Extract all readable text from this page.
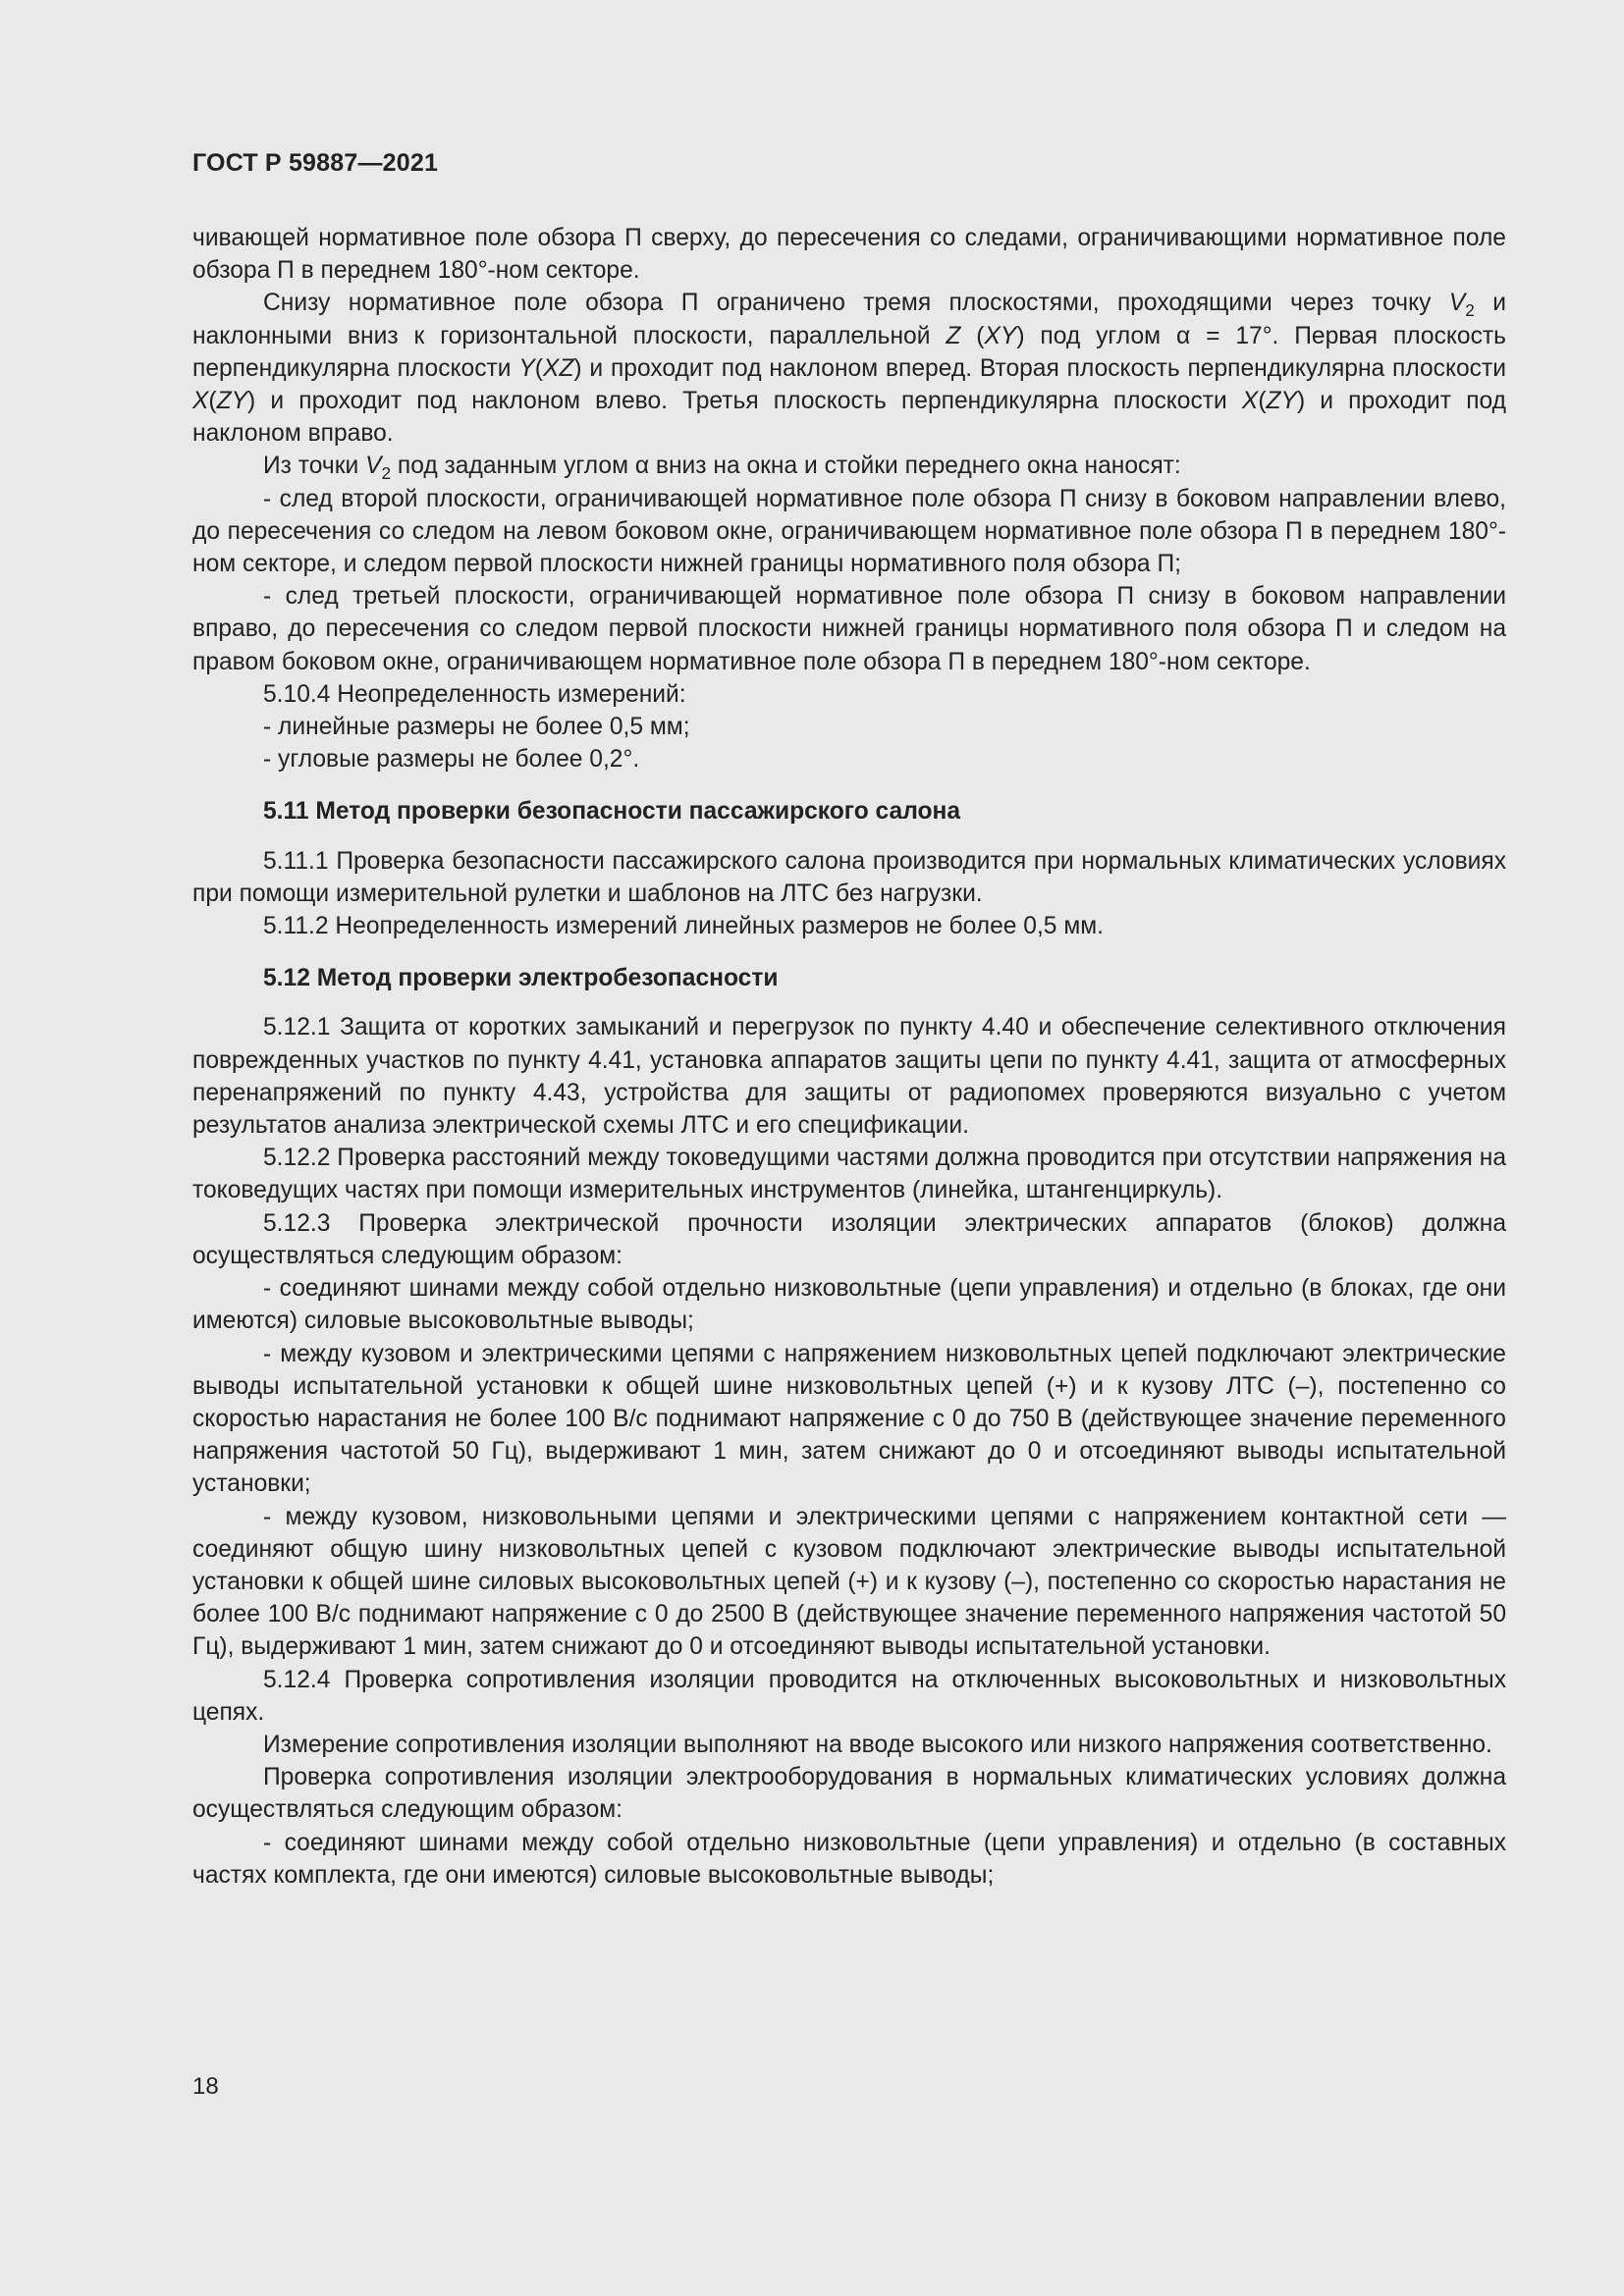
ГОСТ Р 59887—2021

чивающей нормативное поле обзора П сверху, до пересечения со следами, ограничивающими нормативное поле обзора П в переднем 180°-ном секторе.

Снизу нормативное поле обзора П ограничено тремя плоскостями, проходящими через точку $V_2$ и наклонными вниз к горизонтальной плоскости, параллельной Z (XY) под углом α = 17°. Первая плоскость перпендикулярна плоскости Y(XZ) и проходит под наклоном вперед. Вторая плоскость перпендикулярна плоскости X(ZY) и проходит под наклоном влево. Третья плоскость перпендикулярна плоскости X(ZY) и проходит под наклоном вправо.

Из точки $V_2$ под заданным углом α вниз на окна и стойки переднего окна наносят:

- след второй плоскости, ограничивающей нормативное поле обзора П снизу в боковом направлении влево, до пересечения со следом на левом боковом окне, ограничивающем нормативное поле обзора П в переднем 180°-ном секторе, и следом первой плоскости нижней границы нормативного поля обзора П;

- след третьей плоскости, ограничивающей нормативное поле обзора П снизу в боковом направлении вправо, до пересечения со следом первой плоскости нижней границы нормативного поля обзора П и следом на правом боковом окне, ограничивающем нормативное поле обзора П в переднем 180°-ном секторе.

5.10.4 Неопределенность измерений:

- линейные размеры не более 0,5 мм;

- угловые размеры не более 0,2°.

5.11 Метод проверки безопасности пассажирского салона

5.11.1 Проверка безопасности пассажирского салона производится при нормальных климатических условиях при помощи измерительной рулетки и шаблонов на ЛТС без нагрузки.

5.11.2 Неопределенность измерений линейных размеров не более 0,5 мм.

5.12 Метод проверки электробезопасности

5.12.1 Защита от коротких замыканий и перегрузок по пункту 4.40 и обеспечение селективного отключения поврежденных участков по пункту 4.41, установка аппаратов защиты цепи по пункту 4.41, защита от атмосферных перенапряжений по пункту 4.43, устройства для защиты от радиопомех проверяются визуально с учетом результатов анализа электрической схемы ЛТС и его спецификации.

5.12.2 Проверка расстояний между токоведущими частями должна проводится при отсутствии напряжения на токоведущих частях при помощи измерительных инструментов (линейка, штангенциркуль).

5.12.3 Проверка электрической прочности изоляции электрических аппаратов (блоков) должна осуществляться следующим образом:

- соединяют шинами между собой отдельно низковольтные (цепи управления) и отдельно (в блоках, где они имеются) силовые высоковольтные выводы;

- между кузовом и электрическими цепями с напряжением низковольтных цепей подключают электрические выводы испытательной установки к общей шине низковольтных цепей (+) и к кузову ЛТС (–), постепенно со скоростью нарастания не более 100 В/с поднимают напряжение с 0 до 750 В (действующее значение переменного напряжения частотой 50 Гц), выдерживают 1 мин, затем снижают до 0 и отсоединяют выводы испытательной установки;

- между кузовом, низковольными цепями и электрическими цепями с напряжением контактной сети — соединяют общую шину низковольтных цепей с кузовом подключают электрические выводы испытательной установки к общей шине силовых высоковольтных цепей (+) и к кузову (–), постепенно со скоростью нарастания не более 100 В/с поднимают напряжение с 0 до 2500 В (действующее значение переменного напряжения частотой 50 Гц), выдерживают 1 мин, затем снижают до 0 и отсоединяют выводы испытательной установки.

5.12.4 Проверка сопротивления изоляции проводится на отключенных высоковольтных и низковольтных цепях.

Измерение сопротивления изоляции выполняют на вводе высокого или низкого напряжения соответственно.

Проверка сопротивления изоляции электрооборудования в нормальных климатических условиях должна осуществляться следующим образом:

- соединяют шинами между собой отдельно низковольтные (цепи управления) и отдельно (в составных частях комплекта, где они имеются) силовые высоковольтные выводы;

18
